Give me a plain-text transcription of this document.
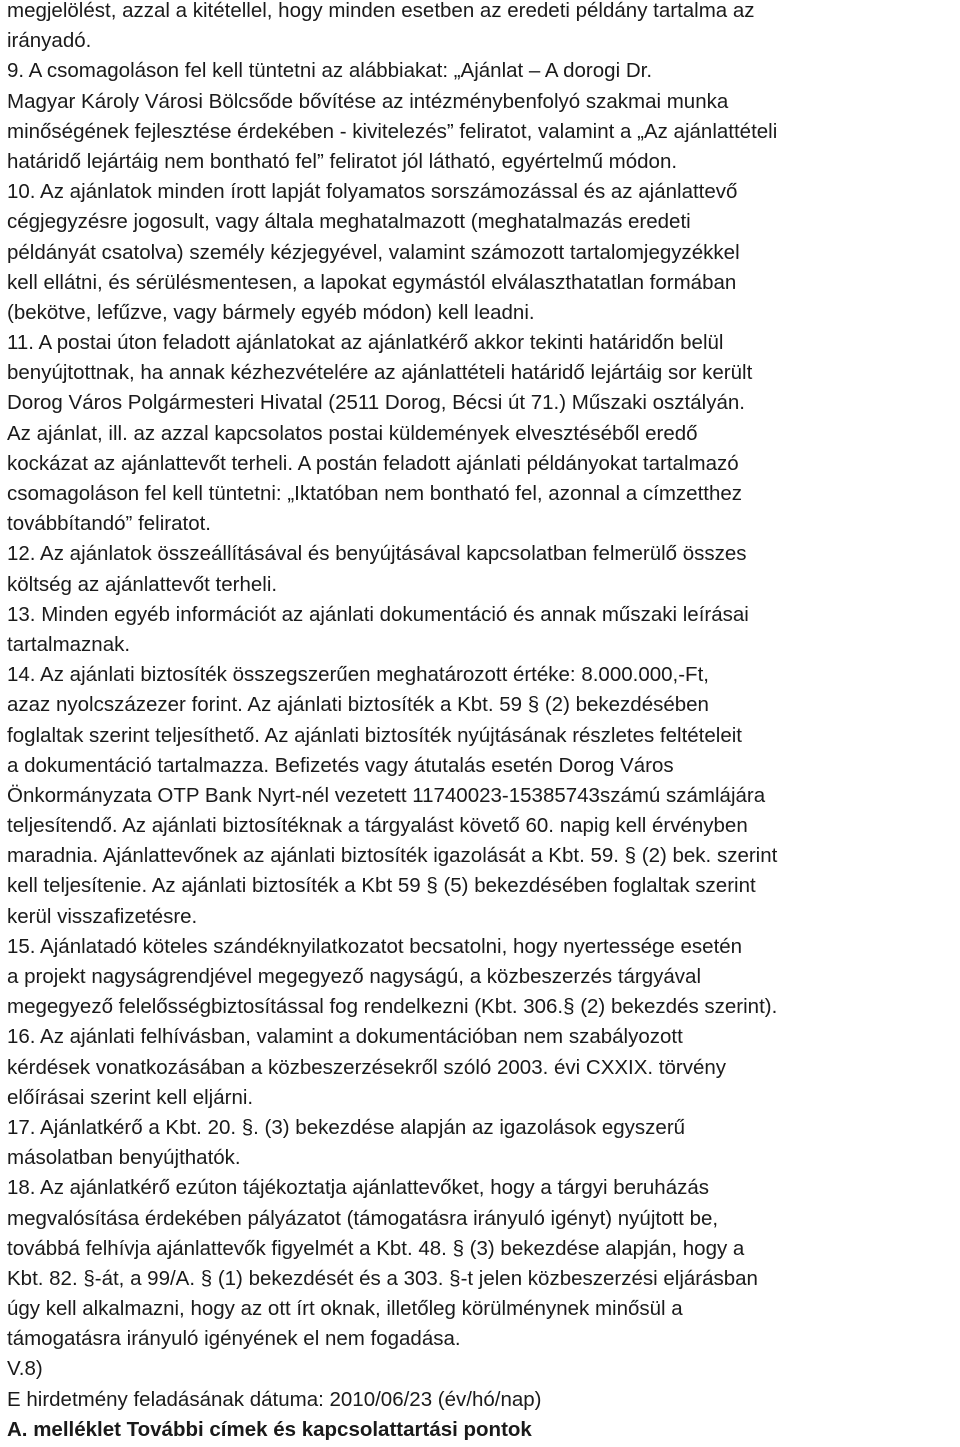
megjelölést, azzal a kitétellel, hogy minden esetben az eredeti példány tartalma az
irányadó.
9. A csomagoláson fel kell tüntetni az alábbiakat: „Ajánlat – A dorogi Dr.
Magyar Károly Városi Bölcsőde bővítése az intézménybenfolyó szakmai munka
minőségének fejlesztése érdekében - kivitelezés” feliratot, valamint a „Az ajánlattételi
határidő lejártáig nem bontható fel” feliratot jól látható, egyértelmű módon.
10. Az ajánlatok minden írott lapját folyamatos sorszámozással és az ajánlattevő
cégjegyzésre jogosult, vagy általa meghatalmazott (meghatalmazás eredeti
példányát csatolva) személy kézjegyével, valamint számozott tartalomjegyzékkel
kell ellátni, és sérülésmentesen, a lapokat egymástól elválaszthatatlan formában
(bekötve, lefűzve, vagy bármely egyéb módon) kell leadni.
11. A postai úton feladott ajánlatokat az ajánlatkérő akkor tekinti határidőn belül
benyújtottnak, ha annak kézhezvételére az ajánlattételi határidő lejártáig sor került
Dorog Város Polgármesteri Hivatal (2511 Dorog, Bécsi út 71.) Műszaki osztályán.
Az ajánlat, ill. az azzal kapcsolatos postai küldemények elvesztéséből eredő
kockázat az ajánlattevőt terheli. A postán feladott ajánlati példányokat tartalmazó
csomagoláson fel kell tüntetni: „Iktatóban nem bontható fel, azonnal a címzetthez
továbbítandó” feliratot.
12. Az ajánlatok összeállításával és benyújtásával kapcsolatban felmerülő összes
költség az ajánlattevőt terheli.
13. Minden egyéb információt az ajánlati dokumentáció és annak műszaki leírásai
tartalmaznak.
14. Az ajánlati biztosíték összegszerűen meghatározott értéke: 8.000.000,-Ft,
azaz nyolcszázezer forint. Az ajánlati biztosíték a Kbt. 59 § (2) bekezdésében
foglaltak szerint teljesíthető. Az ajánlati biztosíték nyújtásának részletes feltételeit
a dokumentáció tartalmazza. Befizetés vagy átutalás esetén Dorog Város
Önkormányzata OTP Bank Nyrt-nél vezetett 11740023-15385743számú számlájára
teljesítendő. Az ajánlati biztosítéknak a tárgyalást követő 60. napig kell érvényben
maradnia. Ajánlattevőnek az ajánlati biztosíték igazolását a Kbt. 59. § (2) bek. szerint
kell teljesítenie. Az ajánlati biztosíték a Kbt 59 § (5) bekezdésében foglaltak szerint
kerül visszafizetésre.
15. Ajánlatadó köteles szándéknyilatkozatot becsatolni, hogy nyertessége esetén
a projekt nagyságrendjével megegyező nagyságú, a közbeszerzés tárgyával
megegyező felelősségbiztosítással fog rendelkezni (Kbt. 306.§ (2) bekezdés szerint).
16. Az ajánlati felhívásban, valamint a dokumentációban nem szabályozott
kérdések vonatkozásában a közbeszerzésekről szóló 2003. évi CXXIX. törvény
előírásai szerint kell eljárni.
17. Ajánlatkérő a Kbt. 20. §. (3) bekezdése alapján az igazolások egyszerű
másolatban benyújthatók.
18. Az ajánlatkérő ezúton tájékoztatja ajánlattevőket, hogy a tárgyi beruházás
megvalósítása érdekében pályázatot (támogatásra irányuló igényt) nyújtott be,
továbbá felhívja ajánlattevők figyelmét a Kbt. 48. § (3) bekezdése alapján, hogy a
Kbt. 82. §-át, a 99/A. § (1) bekezdését és a 303. §-t jelen közbeszerzési eljárásban
úgy kell alkalmazni, hogy az ott írt oknak, illetőleg körülménynek minősül a
támogatásra irányuló igényének el nem fogadása.
V.8)
E hirdetmény feladásának dátuma: 2010/06/23 (év/hó/nap)
A. melléklet További címek és kapcsolattartási pontok
